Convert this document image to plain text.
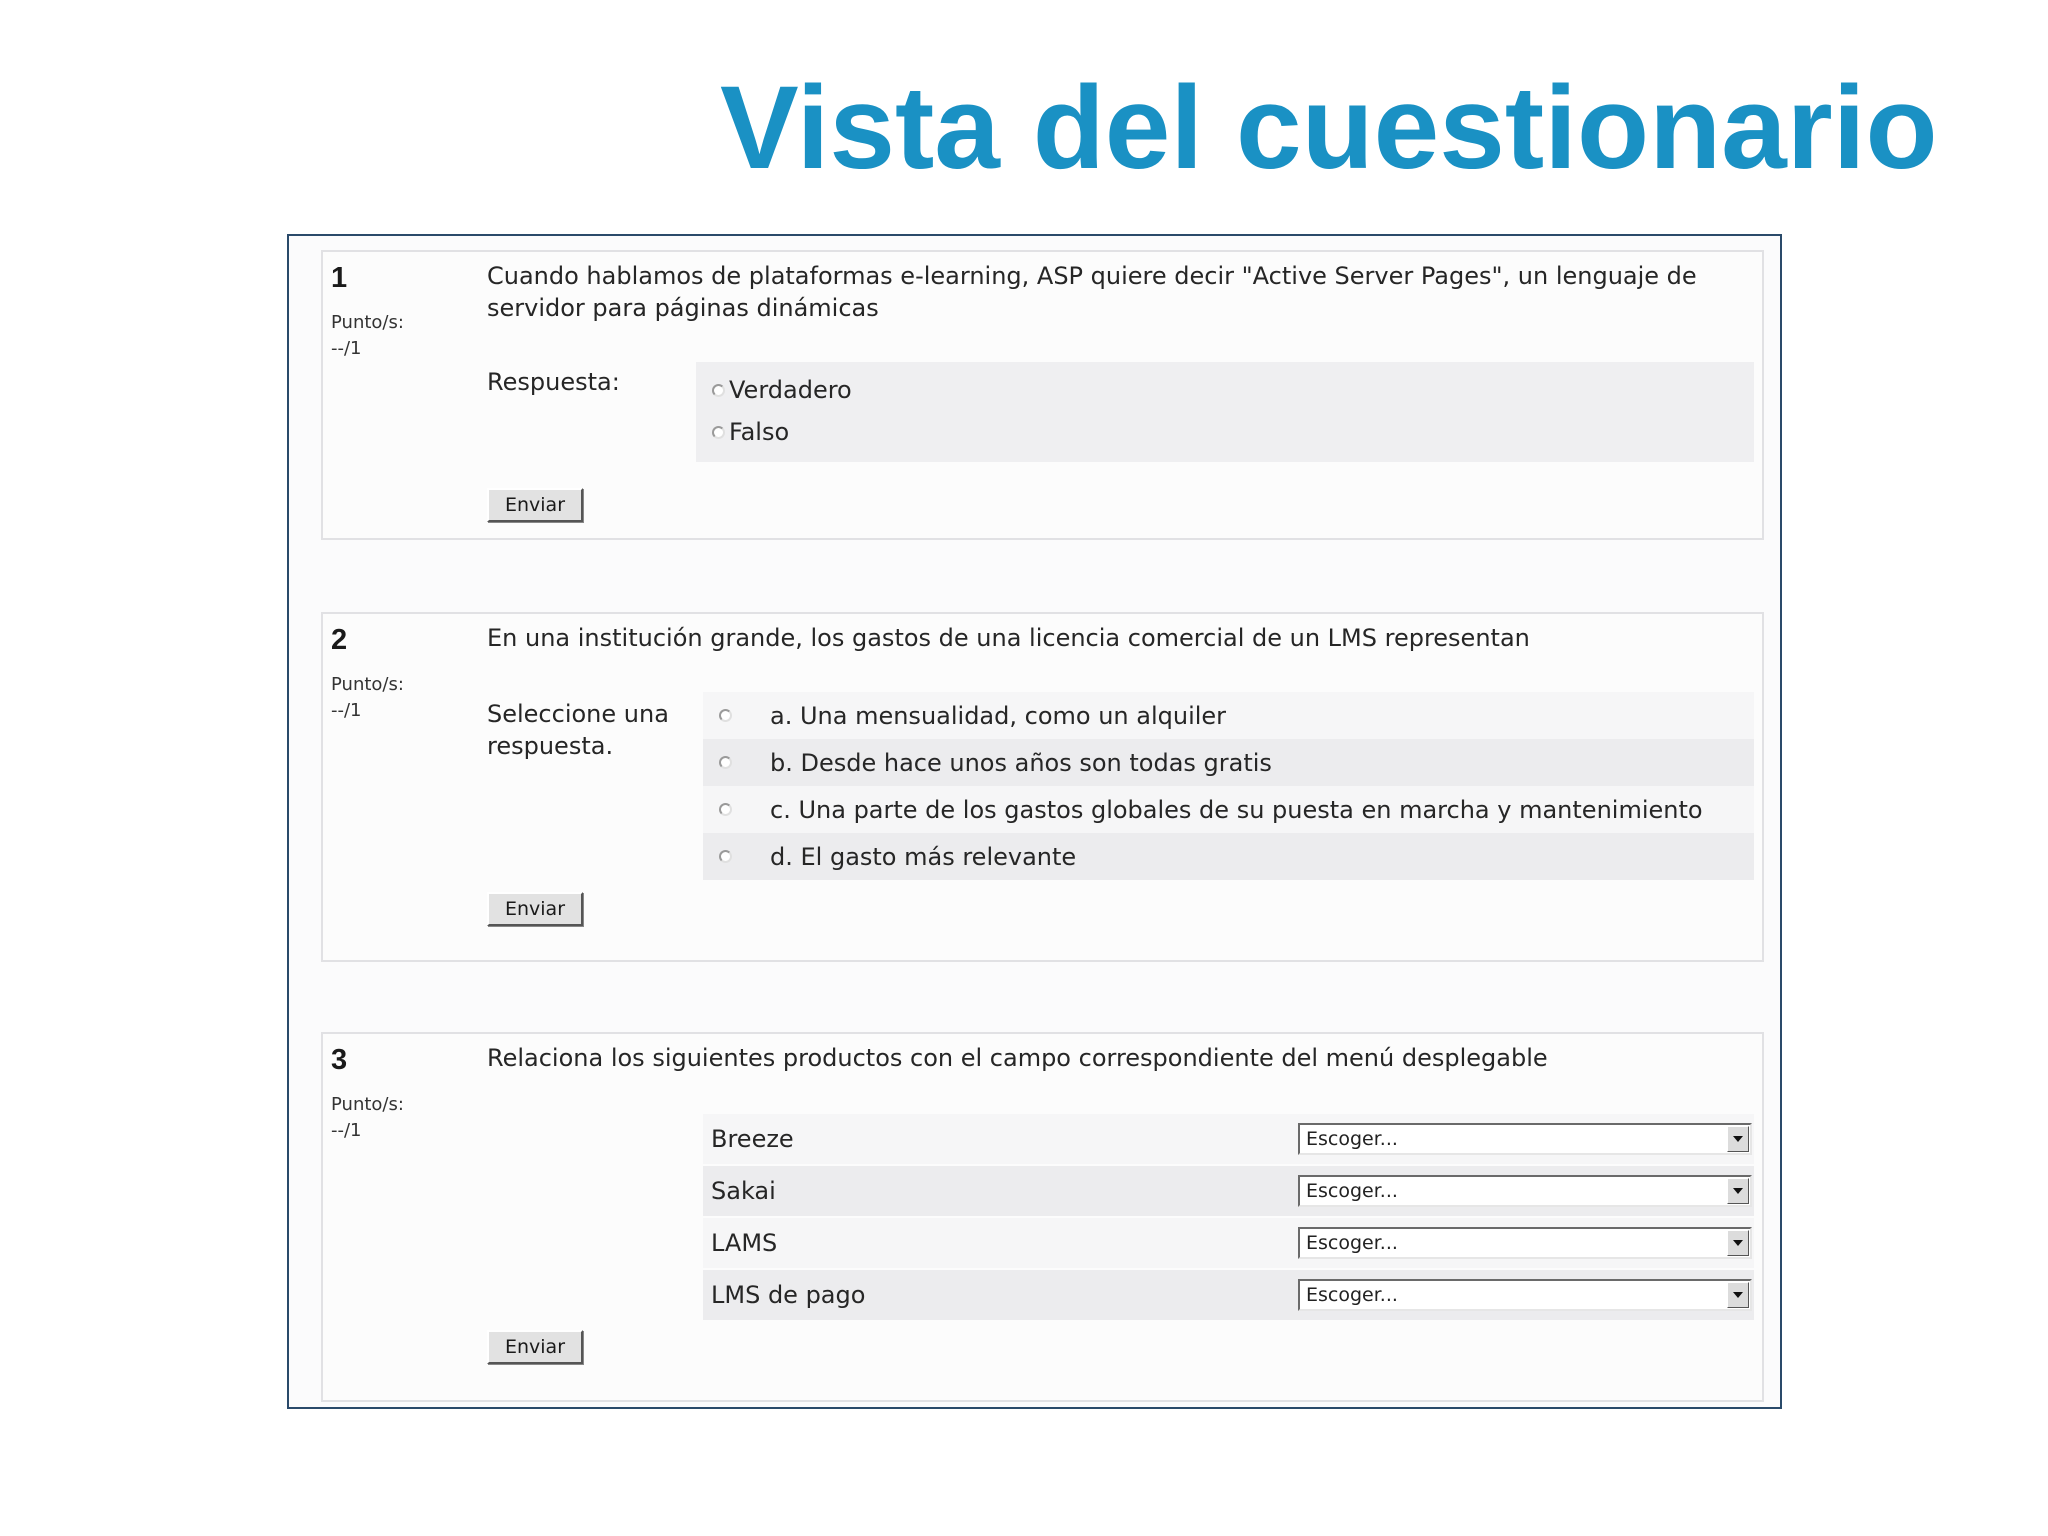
Vista del cuestionario
1
Punto/s:
--/1
Cuando hablamos de plataformas e-learning, ASP quiere decir "Active Server Pages", un lenguaje de servidor para páginas dinámicas
Respuesta:	Verdadero
Falso
Enviar
2
Punto/s:
--/1
En una institución grande, los gastos de una licencia comercial de un LMS representan
Seleccione una respuesta.
a. Una mensualidad, como un alquiler
b. Desde hace unos años son todas gratis
c. Una parte de los gastos globales de su puesta en marcha y mantenimiento
d. El gasto más relevante
Enviar
3
Punto/s:
--/1
Relaciona los siguientes productos con el campo correspondiente del menú desplegable
Breeze	Escoger...
Sakai	Escoger...
LAMS	Escoger...
LMS de pago	Escoger...
Enviar
